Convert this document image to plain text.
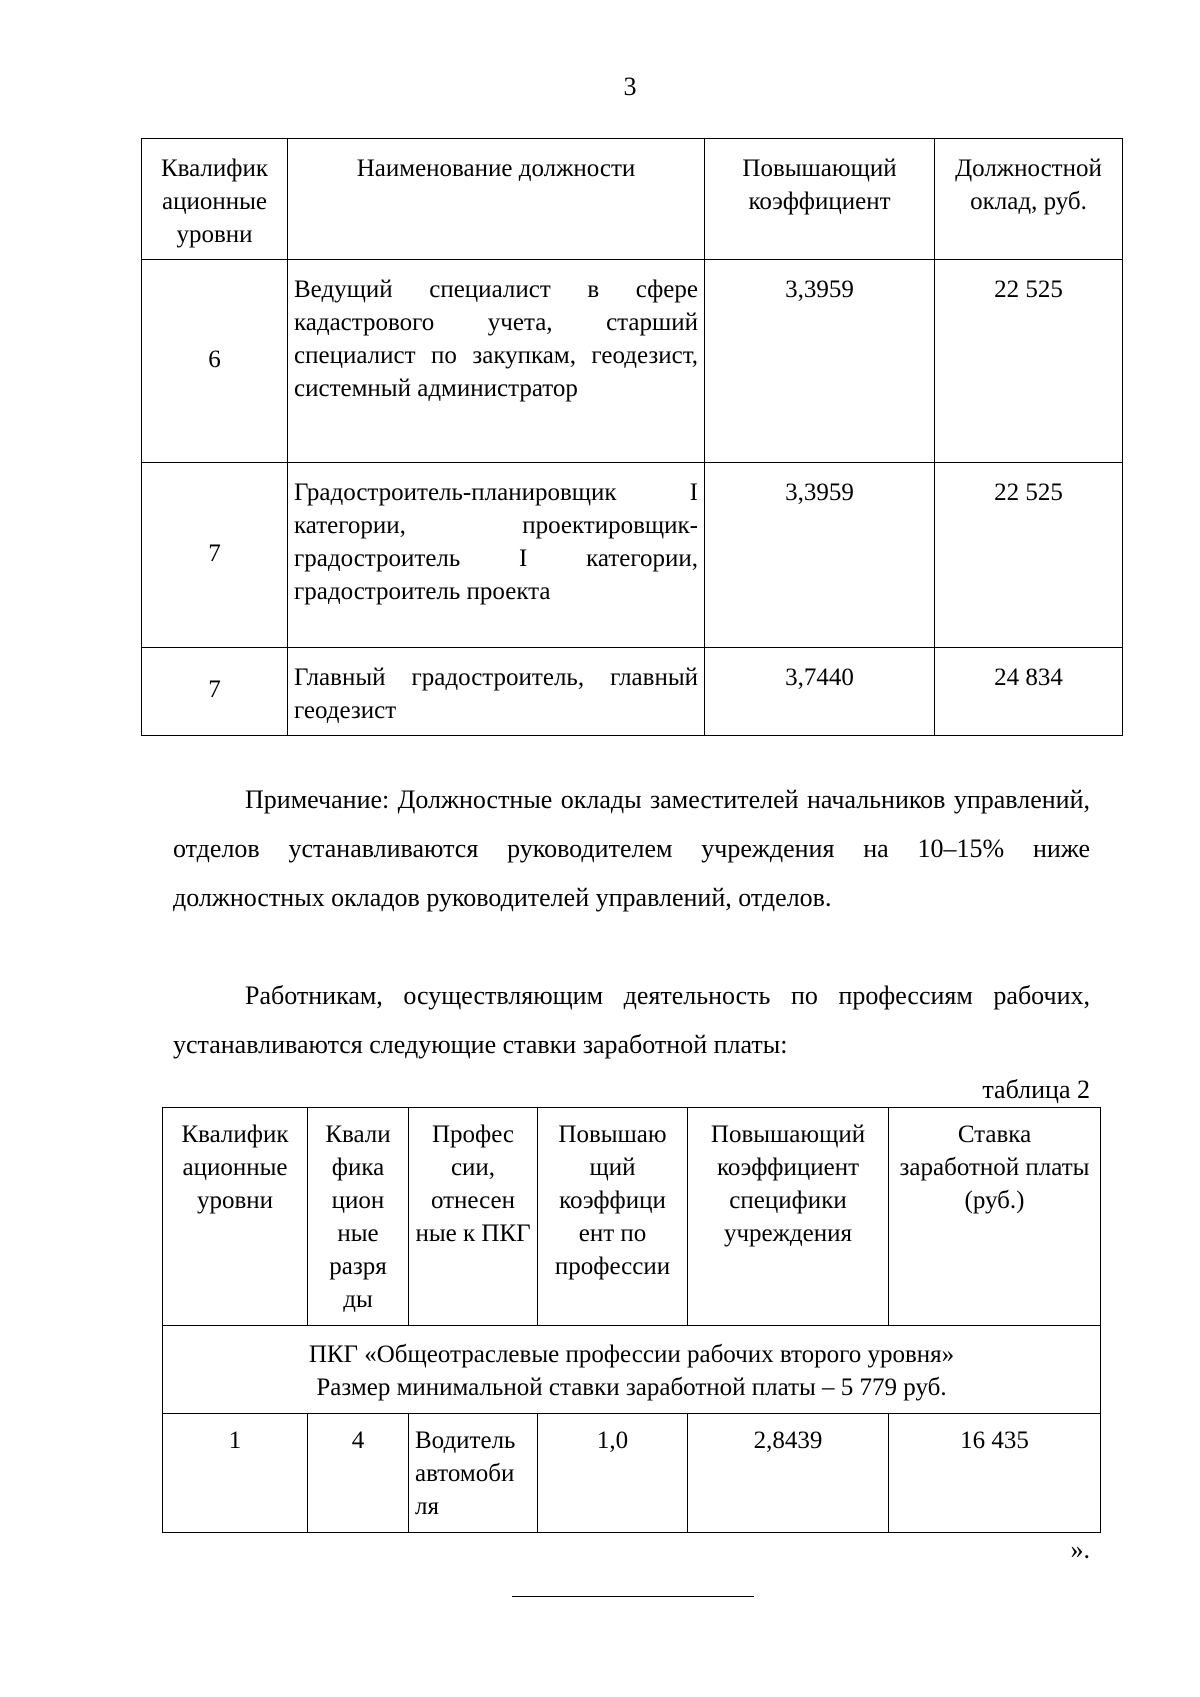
3
Квалифик ационные уровни	Наименование должности	Повышающий коэффициент	Должностной оклад, руб.
6	Ведущий специалист в сфере кадастрового учета, старший специалист по закупкам, геодезист, системный администратор	3,3959	22 525
7	Градостроитель-планировщик I категории, проектировщик-градостроитель I категории, градостроитель проекта	3,3959	22 525
7	Главный градостроитель, главный геодезист	3,7440	24 834

Примечание: Должностные оклады заместителей начальников управлений, отделов устанавливаются руководителем учреждения на 10–15% ниже должностных окладов руководителей управлений, отделов.

Работникам, осуществляющим деятельность по профессиям рабочих, устанавливаются следующие ставки заработной платы:

таблица 2
Квалифик ационные уровни	Квали фика цион ные разря ды	Профес сии, отнесен ные к ПКГ	Повышаю щий коэффици ент по профессии	Повышающий коэффициент специфики учреждения	Ставка заработной платы (руб.)

ПКГ «Общеотраслевые профессии рабочих второго уровня»
Размер минимальной ставки заработной платы – 5 779 руб.					

1	4	Водитель автомоби ля	1,0	2,8439	16 435
».
